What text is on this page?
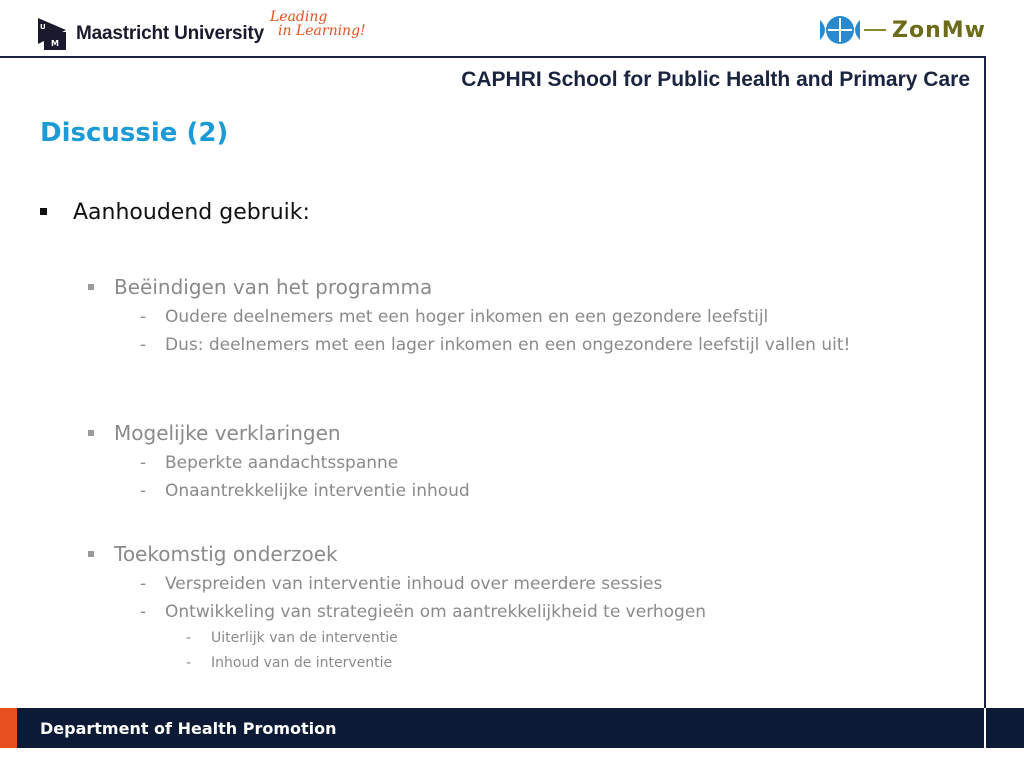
U
M Maastricht University
Leading
in Learning!	ZonMw
CAPHRI School for Public Health and Primary Care
Discussie (2)
Aanhoudend gebruik:
Beëindigen van het programma
- Oudere deelnemers met een hoger inkomen en een gezondere leefstijl
- Dus: deelnemers met een lager inkomen en een ongezondere leefstijl vallen uit!
Mogelijke verklaringen
- Beperkte aandachtsspanne
- Onaantrekkelijke interventie inhoud
Toekomstig onderzoek
- Verspreiden van interventie inhoud over meerdere sessies
- Ontwikkeling van strategieën om aantrekkelijkheid te verhogen
- Uiterlijk van de interventie
- Inhoud van de interventie
Department of Health Promotion
